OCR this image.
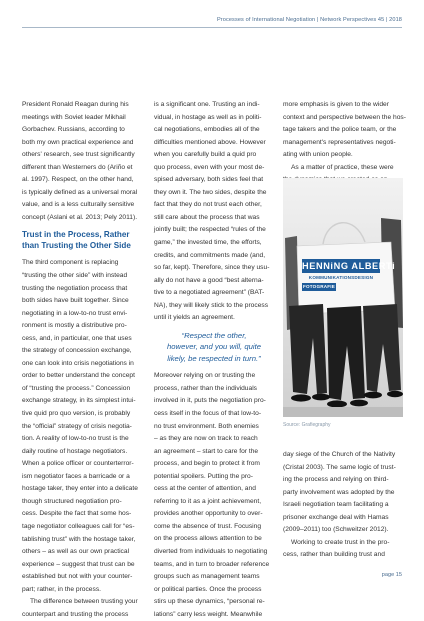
Processes of International Negotiation | Network Perspectives 45 | 2018

President Ronald Reagan during his

meetings with Soviet leader Mikhail

Gorbachev. Russians, according to

both my own practical experience and

others' research, see trust significantly

different than Westerners do (Ariño et

al. 1997). Respect, on the other hand,

is typically defined as a universal moral

value, and is a less culturally sensitive

concept (Aslani et al. 2013; Pely 2011).

Trust in the Process, Rather

than Trusting the Other Side

The third component is replacing

“trusting the other side” with instead

trusting the negotiation process that

both sides have built together. Since

negotiating in a low-to-no trust envi-

ronment is mostly a distributive pro-

cess, and, in particular, one that uses

the strategy of concession exchange,

one can look into crisis negotiations in

order to better understand the concept

of “trusting the process.” Concession

exchange strategy, in its simplest intui-

tive quid pro quo version, is probably

the “official” strategy of crisis negotia-

tion. A reality of low-to-no trust is the

daily routine of hostage negotiators.

When a police officer or counterterror-

ism negotiator faces a barricade or a

hostage taker, they enter into a delicate

though structured negotiation pro-

cess. Despite the fact that some hos-

tage negotiator colleagues call for “es-

tablishing trust” with the hostage taker,

others – as well as our own practical

experience – suggest that trust can be

established but not with your counter-

part; rather, in the process.

The difference between trusting your

counterpart and trusting the process

is a significant one. Trusting an indi-

vidual, in hostage as well as in politi-

cal negotiations, embodies all of the

difficulties mentioned above. However

when you carefully build a quid pro

quo process, even with your most de-

spised adversary, both sides feel that

they own it. The two sides, despite the

fact that they do not trust each other,

still care about the process that was

jointly built; the respected “rules of the

game,” the invested time, the efforts,

credits, and commitments made (and,

so far, kept). Therefore, since they usu-

ally do not have a good “best alterna-

tive to a negotiated agreement” (BAT-

NA), they will likely stick to the process

until it yields an agreement.

“Respect the other,

however, and you will, quite

likely, be respected in turn.”

Moreover relying on or trusting the

process, rather than the individuals

involved in it, puts the negotiation pro-

cess itself in the focus of that low-to-

no trust environment. Both enemies

– as they are now on track to reach

an agreement – start to care for the

process, and begin to protect it from

potential spoilers. Putting the pro-

cess at the center of attention, and

referring to it as a joint achievement,

provides another opportunity to over-

come the absence of trust. Focusing

on the process allows attention to be

diverted from individuals to negotiating

teams, and in turn to broader reference

groups such as management teams

or political parties. Once the process

stirs up these dynamics, “personal re-

lations” carry less weight. Meanwhile

more emphasis is given to the wider

context and perspective between the hos-

tage takers and the police team, or the

management's representatives negoti-

ating with union people.

As a matter of practice, these were

HENNiNG ALBERTi
KOMMUNIKATIONSDESIGN
FOTOGRAFIE
Source: Grafiegraphy

day siege of the Church of the Nativity

(Cristal 2003). The same logic of trust-

ing the process and relying on third-

party involvement was adopted by the

Israeli negotiation team facilitating a

prisoner exchange deal with Hamas

(2009–2011) too (Schweitzer 2012).

Working to create trust in the pro-

cess, rather than building trust and

page 15
